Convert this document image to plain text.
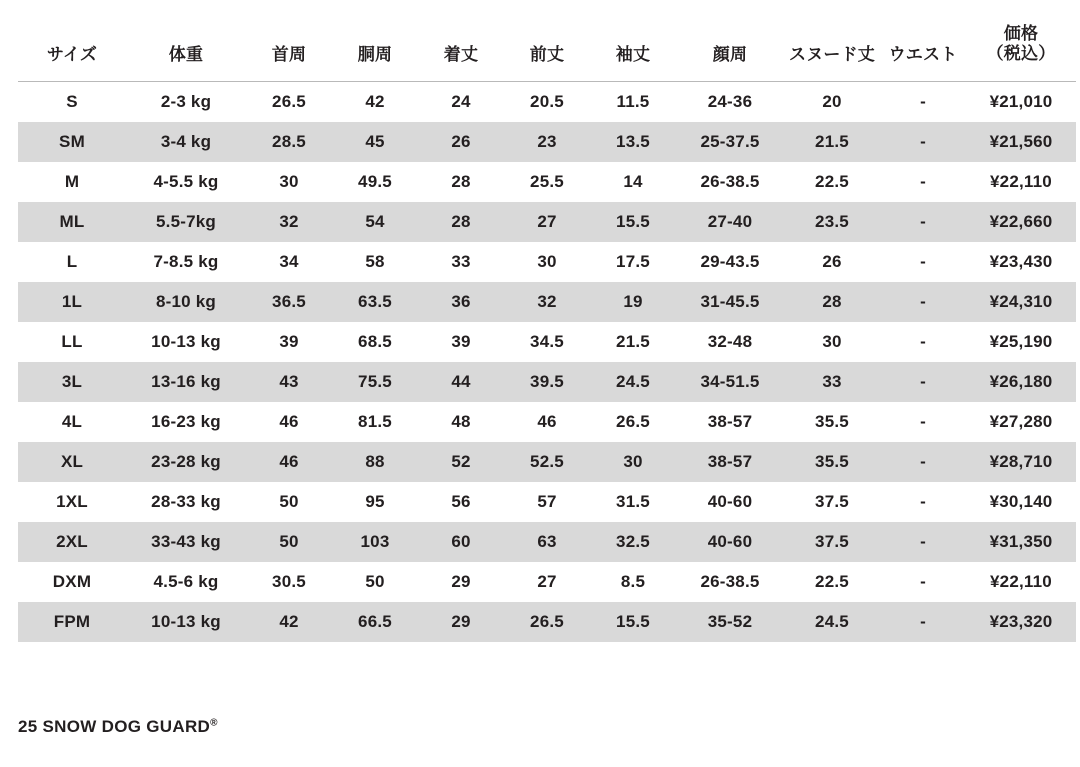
サイズ	体重	首周	胴周	着丈	前丈	袖丈	顔周	スヌード丈	ウエスト	価格
（税込）

S	2-3 kg	26.5	42	24	20.5	11.5	24-36	20	-	¥21,010
SM	3-4 kg	28.5	45	26	23	13.5	25-37.5	21.5	-	¥21,560
M	4-5.5 kg	30	49.5	28	25.5	14	26-38.5	22.5	-	¥22,110
ML	5.5-7kg	32	54	28	27	15.5	27-40	23.5	-	¥22,660
L	7-8.5 kg	34	58	33	30	17.5	29-43.5	26	-	¥23,430
1L	8-10 kg	36.5	63.5	36	32	19	31-45.5	28	-	¥24,310
LL	10-13 kg	39	68.5	39	34.5	21.5	32-48	30	-	¥25,190
3L	13-16 kg	43	75.5	44	39.5	24.5	34-51.5	33	-	¥26,180
4L	16-23 kg	46	81.5	48	46	26.5	38-57	35.5	-	¥27,280
XL	23-28 kg	46	88	52	52.5	30	38-57	35.5	-	¥28,710
1XL	28-33 kg	50	95	56	57	31.5	40-60	37.5	-	¥30,140
2XL	33-43 kg	50	103	60	63	32.5	40-60	37.5	-	¥31,350
DXM	4.5-6 kg	30.5	50	29	27	8.5	26-38.5	22.5	-	¥22,110
FPM	10-13 kg	42	66.5	29	26.5	15.5	35-52	24.5	-	¥23,320
25 SNOW DOG GUARD®
